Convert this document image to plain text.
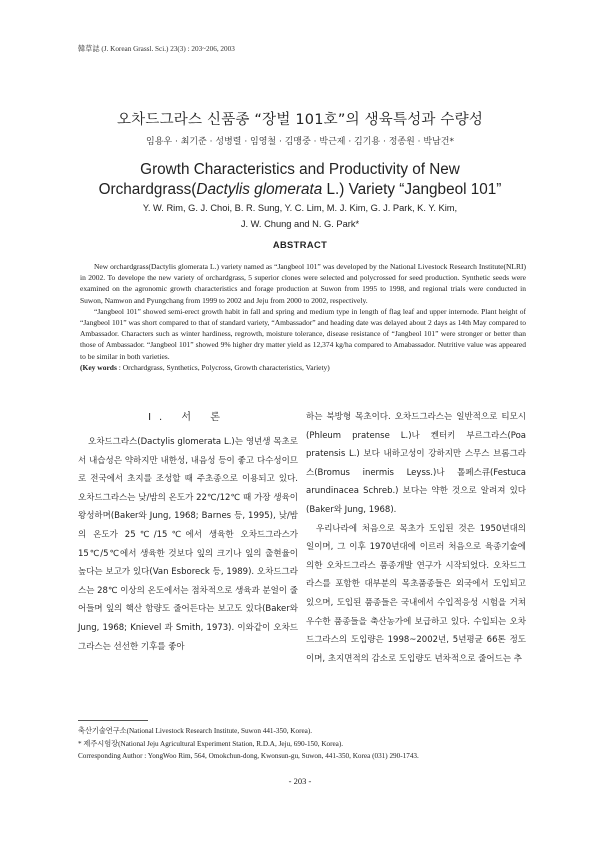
韓草誌 (J. Korean Grassl. Sci.) 23(3) : 203~206, 2003
오차드그라스 신품종 “장벌 101호”의 생육특성과 수량성
임용우 · 최기준 · 성병렬 · 임영철 · 김맹중 · 박근제 · 김기용 · 정종원 · 박남건*
Growth Characteristics and Productivity of New
Orchardgrass(Dactylis glomerata L.) Variety “Jangbeol 101”
Y. W. Rim, G. J. Choi, B. R. Sung, Y. C. Lim, M. J. Kim, G. J. Park, K. Y. Kim,
J. W. Chung and N. G. Park*
ABSTRACT

New orchardgrass(Dactylis glomerata L.) variety named as “Jangbeol 101” was developed by the National Livestock Research Institute(NLRI) in 2002. To develope the new variety of orchardgrass, 5 superior clones were selected and polycrossed for seed production. Synthetic seeds were examined on the agronomic growth characteristics and forage production at Suwon from 1995 to 1998, and regional trials were conducted in Suwon, Namwon and Pyungchang from 1999 to 2002 and Jeju from 2000 to 2002, respectively.

“Jangbeol 101” showed semi-erect growth habit in fall and spring and medium type in length of flag leaf and upper internode. Plant height of “Jangbeol 101” was short compared to that of standard variety, “Ambassador” and heading date was delayed about 2 days as 14th May compared to Ambassador. Characters such as winter hardiness, regrowth, moisture tolerance, disease resistance of “Jangbeol 101” were stronger or better than those of Ambassador. “Jangbeol 101” showed 9% higher dry matter yield as 12,374 kg/ha compared to Amabassador. Nutritive value was appeared to be similar in both varieties.

(Key words : Orchardgrass, Synthetics, Polycross, Growth characteristics, Variety)

I. 서 론

오차드그라스(Dactylis glomerata L.)는 영년생 목초로서 내습성은 약하지만 내한성, 내음성 등이 좋고 다수성이므로 전국에서 초지를 조성할 때 주초종으로 이용되고 있다. 오차드그라스는 낮/밤의 온도가 22℃/12℃ 때 가장 생육이 왕성하며(Baker와 Jung, 1968; Barnes 등, 1995), 낮/밤의 온도가 25℃/15℃에서 생육한 오차드그라스가 15℃/5℃에서 생육한 것보다 잎의 크기나 잎의 출현율이 높다는 보고가 있다(Van Esboreck 등, 1989). 오차드그라스는 28℃ 이상의 온도에서는 점차적으로 생육과 분얼이 줄어들며 잎의 핵산 함량도 줄어든다는 보고도 있다(Baker와 Jung, 1968; Knievel 과 Smith, 1973). 이와같이 오차드그라스는 선선한 기후를 좋아

하는 북방형 목초이다. 오차드그라스는 일반적으로 티모시(Phleum pratense L.)나 켄터키 부르그라스(Poa pratensis L.) 보다 내하고성이 강하지만 스무스 브롬그라스(Bromus inermis Leyss.)나 톨페스큐(Festuca arundinacea Schreb.) 보다는 약한 것으로 알려져 있다(Baker와 Jung, 1968).

우리나라에 처음으로 목초가 도입된 것은 1950년대의 일이며, 그 이후 1970년대에 이르러 처음으로 육종기술에 의한 오차드그라스 품종개발 연구가 시작되었다. 오차드그라스를 포함한 대부분의 목초품종들은 외국에서 도입되고 있으며, 도입된 품종들은 국내에서 수입적응성 시험을 거쳐 우수한 품종들을 축산농가에 보급하고 있다. 수입되는 오차드그라스의 도입량은 1998~2002년, 5년평균 66톤 정도이며, 초지면적의 감소로 도입량도 년차적으로 줄어드는 추

축산기술연구소(National Livestock Research Institute, Suwon 441-350, Korea).
* 제주시험장(National Jeju Agricultural Experiment Station, R.D.A, Jeju, 690-150, Korea).
Corresponding Author : YongWoo Rim, 564, Omokchun-dong, Kwonsun-gu, Suwon, 441-350, Korea (031) 290-1743.
- 203 -
